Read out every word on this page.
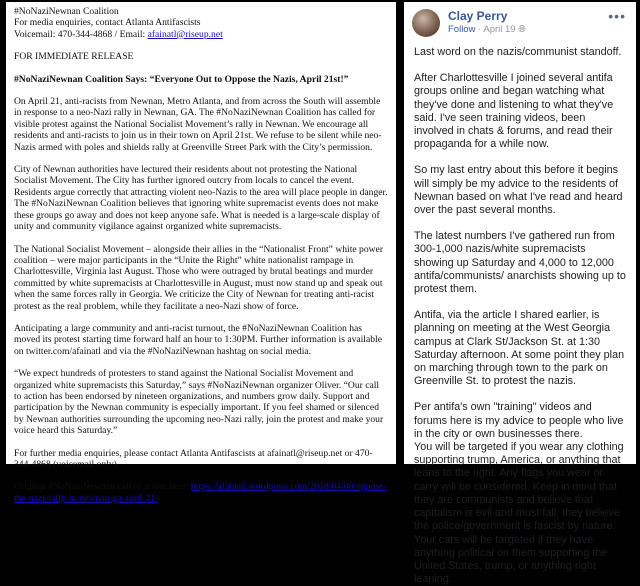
#NoNaziNewnan Coalition
For media enquiries, contact Atlanta Antifascists
Voicemail: 470-344-4868 / Email: afainatl@riseup.net
FOR IMMEDIATE RELEASE

#NoNaziNewnan Coalition Says: “Everyone Out to Oppose the Nazis, April 21st!”

On April 21, anti-racists from Newnan, Metro Atlanta, and from across the South will assemble in response to a neo-Nazi rally in Newnan, GA. The #NoNaziNewnan Coalition has called for visible protest against the National Socialist Movement’s rally in Newnan. We encourage all residents and anti-racists to join us in their town on April 21st. We refuse to be silent while neo-Nazis armed with poles and shields rally at Greenville Street Park with the City’s permission.

City of Newnan authorities have lectured their residents about not protesting the National Socialist Movement. The City has further ignored outcry from locals to cancel the event. Residents argue correctly that attracting violent neo-Nazis to the area will place people in danger. The #NoNaziNewnan Coalition believes that ignoring white supremacist events does not make these groups go away and does not keep anyone safe. What is needed is a large-scale display of unity and community vigilance against organized white supremacists.

The National Socialist Movement – alongside their allies in the “Nationalist Front” white power coalition – were major participants in the “Unite the Right” white nationalist rampage in Charlottesville, Virginia last August. Those who were outraged by brutal beatings and murder committed by white supremacists at Charlottesville in August, must now stand up and speak out when the same forces rally in Georgia. We criticize the City of Newnan for treating anti-racist protest as the real problem, while they facilitate a neo-Nazi show of force.

Anticipating a large community and anti-racist turnout, the #NoNaziNewnan Coalition has moved its protest starting time forward half an hour to 1:30PM. Further information is available on twitter.com/afainatl and via the #NoNaziNewnan hashtag on social media.

“We expect hundreds of protesters to stand against the National Socialist Movement and organized white supremacists this Saturday,” says #NoNaziNewnan organizer Oliver. “Our call to action has been endorsed by nineteen organizations, and numbers grow daily. Support and participation by the Newnan community is especially important. If you feel shamed or silenced by Newnan authorities surrounding the upcoming neo-Nazi rally, join the protest and make your voice heard this Saturday.”

For further media enquiries, please contact Atlanta Antifascists at afainatl@riseup.net or 470-344-4868 (voicemail only).

Original #NoNaziNewnan call to action here: https://afainatl.wordpress.com/2018/04/08/oppose-the-nazi-rally-in-newnan-ga-april-21/

Clay Perry
Follow · April 19 🌐︎
•••

Last word on the nazis/communist standoff.

After Charlottesville I joined several antifa groups online and began watching what they've done and listening to what they've said. I've seen training videos, been involved in chats & forums, and read their propaganda for a while now.

So my last entry about this before it begins will simply be my advice to the residents of Newnan based on what I've read and heard over the past several months.

The latest numbers I've gathered run from 300-1,000 nazis/white supremacists showing up Saturday and 4,000 to 12,000 antifa/communists/ anarchists showing up to protest them.

Antifa, via the article I shared earlier, is planning on meeting at the West Georgia campus at Clark St/Jackson St. at 1:30 Saturday afternoon. At some point they plan on marching through town to the park on Greenville St. to protest the nazis.

Per antifa's own "training" videos and forums here is my advice to people who live in the city or own businesses there.

You will be targeted if you wear any clothing supporting trump, America, or anything that leans to the right. Any flags you wear or carry will be considered. Keep in mind that they are communists and believe that capitalism is evil and must fall, they believe the police/government is fascist by nature.

Your cars will be targeted if they have anything political on them supporting the United States, trump, or anything right leaning.
